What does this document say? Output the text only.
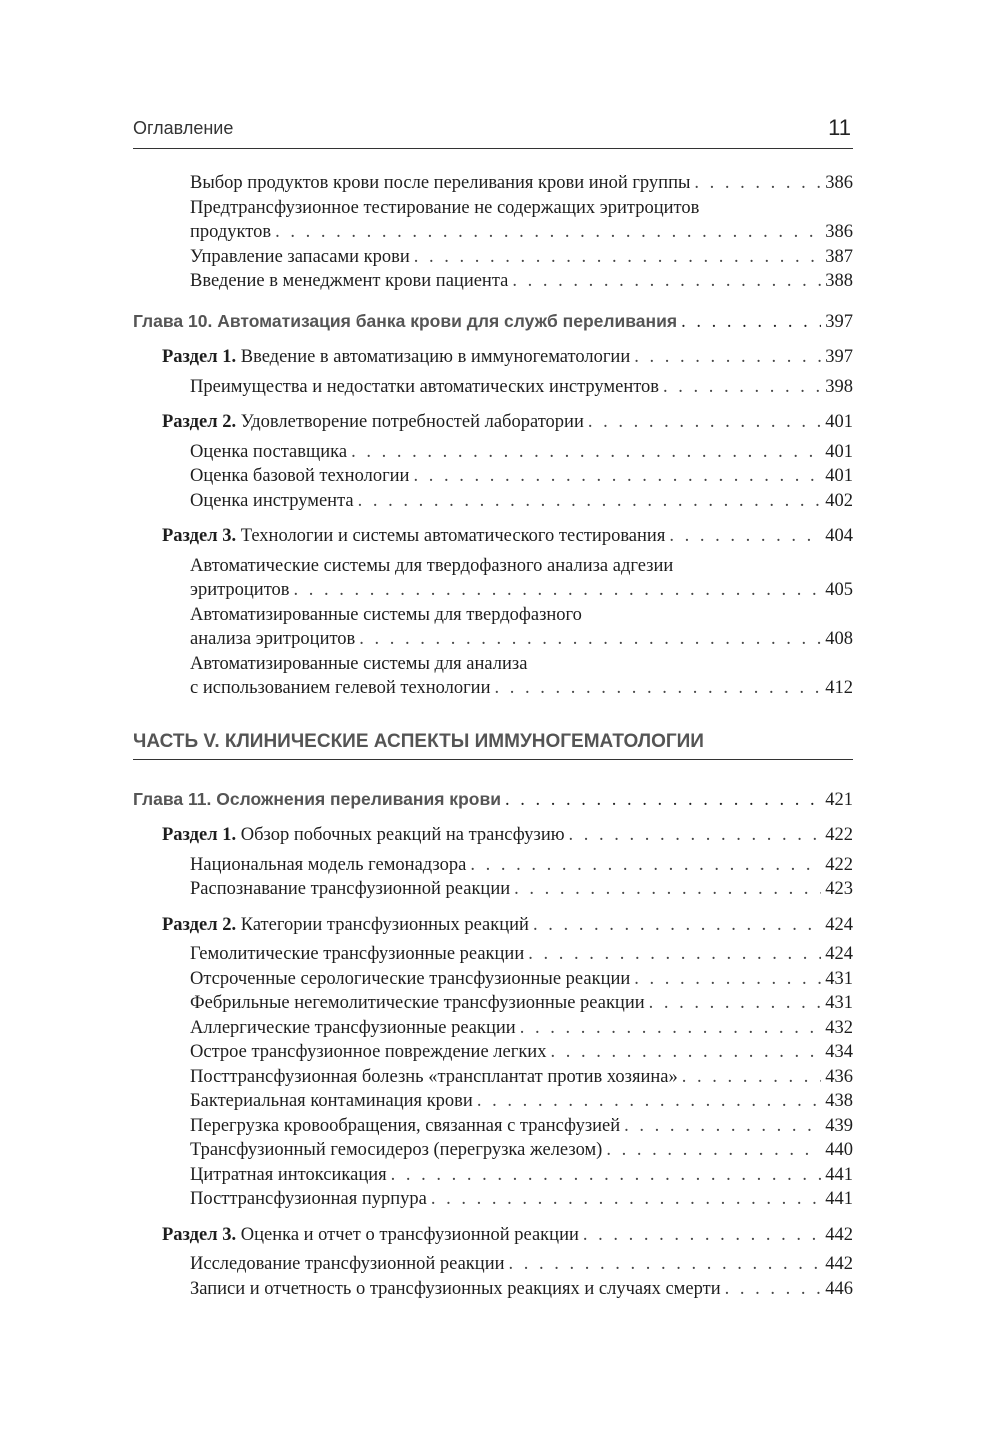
Оглавление	11
Выбор продуктов крови после переливания крови иной группы . . .	386
Предтрансфузионное тестирование не содержащих эритроцитов
продуктов . . .	386
Управление запасами крови . . .	387
Введение в менеджмент крови пациента . . .	388
Глава 10. Автоматизация банка крови для служб переливания . . .	397
Раздел 1. Введение в автоматизацию в иммуногематологии . . .	397
Преимущества и недостатки автоматических инструментов . . .	398
Раздел 2. Удовлетворение потребностей лаборатории . . .	401
Оценка поставщика . . .	401
Оценка базовой технологии . . .	401
Оценка инструмента . . .	402
Раздел 3. Технологии и системы автоматического тестирования . . .	404
Автоматические системы для твердофазного анализа адгезии
эритроцитов . . .	405
Автоматизированные системы для твердофазного
анализа эритроцитов . . .	408
Автоматизированные системы для анализа
с использованием гелевой технологии . . .	412
ЧАСТЬ V. КЛИНИЧЕСКИЕ АСПЕКТЫ ИММУНОГЕМАТОЛОГИИ
Глава 11. Осложнения переливания крови . . .	421
Раздел 1. Обзор побочных реакций на трансфузию . . .	422
Национальная модель гемонадзора . . .	422
Распознавание трансфузионной реакции . . .	423
Раздел 2. Категории трансфузионных реакций . . .	424
Гемолитические трансфузионные реакции . . .	424
Отсроченные серологические трансфузионные реакции . . .	431
Фебрильные негемолитические трансфузионные реакции . . .	431
Аллергические трансфузионные реакции . . .	432
Острое трансфузионное повреждение легких . . .	434
Посттрансфузионная болезнь «трансплантат против хозяина» . . .	436
Бактериальная контаминация крови . . .	438
Перегрузка кровообращения, связанная с трансфузией . . .	439
Трансфузионный гемосидероз (перегрузка железом) . . .	440
Цитратная интоксикация . . .	441
Посттрансфузионная пурпура . . .	441
Раздел 3. Оценка и отчет о трансфузионной реакции . . .	442
Исследование трансфузионной реакции . . .	442
Записи и отчетность о трансфузионных реакциях и случаях смерти . . .	446
